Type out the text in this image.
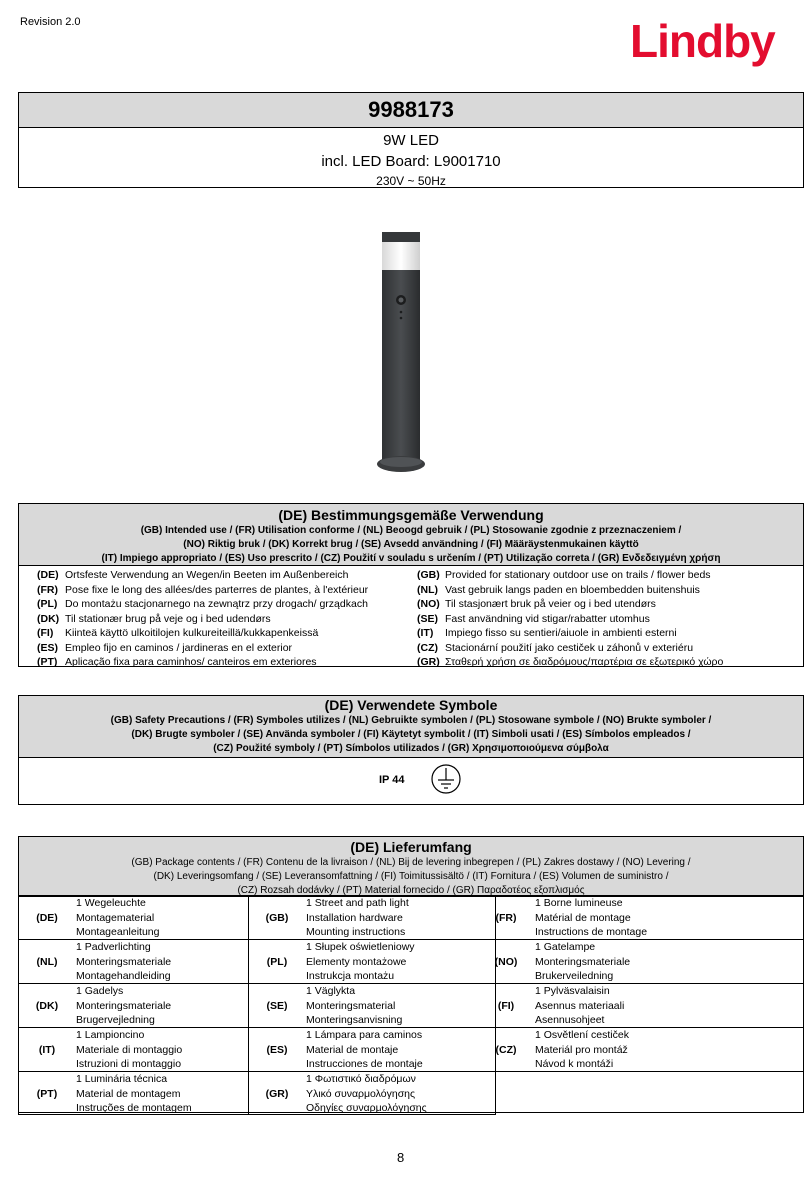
Revision 2.0	Lindby
9988173
9W LED
incl. LED Board: L9001710
230V ~ 50Hz
(DE) Bestimmungsgemäße Verwendung
(GB) Intended use / (FR) Utilisation conforme / (NL) Beoogd gebruik / (PL) Stosowanie zgodnie z przeznaczeniem /
(NO) Riktig bruk / (DK) Korrekt brug / (SE) Avsedd användning / (FI) Määräystenmukainen käyttö
(IT) Impiego appropriato / (ES) Uso prescrito / (CZ) Použití v souladu s určením / (PT) Utilização correta / (GR) Ενδεδειγμένη χρήση
(DE) Ortsfeste Verwendung an Wegen/in Beeten im Außenbereich
(FR) Pose fixe le long des allées/des parterres de plantes, à l'extérieur
(PL) Do montażu stacjonarnego na zewnątrz przy drogach/ grządkach
(DK) Til stationær brug på veje og i bed udendørs
(FI) Kiinteä käyttö ulkoitilojen kulkureiteillä/kukkapenkeissä
(ES) Empleo fijo en caminos / jardineras en el exterior
(PT) Aplicação fixa para caminhos/ canteiros em exteriores
(GB) Provided for stationary outdoor use on trails / flower beds
(NL) Vast gebruik langs paden en bloembedden buitenshuis
(NO) Til stasjonært bruk på veier og i bed utendørs
(SE) Fast användning vid stigar/rabatter utomhus
(IT) Impiego fisso su sentieri/aiuole in ambienti esterni
(CZ) Stacionární použití jako cestiček u záhonů v exteriéru
(GR) Σταθερή χρήση σε διαδρόμους/παρτέρια σε εξωτερικό χώρο
(DE) Verwendete Symbole
(GB) Safety Precautions / (FR) Symboles utilizes / (NL) Gebruikte symbolen / (PL) Stosowane symbole / (NO) Brukte symboler /
(DK) Brugte symboler / (SE) Använda symboler / (FI) Käytetyt symbolit / (IT) Simboli usati / (ES) Símbolos empleados /
(CZ) Použité symboly / (PT) Símbolos utilizados / (GR) Χρησιμοποιούμενα σύμβολα
IP 44
(DE) Lieferumfang
(GB) Package contents / (FR) Contenu de la livraison / (NL) Bij de levering inbegrepen / (PL) Zakres dostawy / (NO) Levering /
(DK) Leveringsomfang / (SE) Leveransomfattning / (FI) Toimitussisältö / (IT) Fornitura / (ES) Volumen de suministro /
(CZ) Rozsah dodávky / (PT) Material fornecido / (GR) Παραδοτέος εξοπλισμός
(DE)
1 Wegeleuchte
Montagematerial
Montageanleitung
(GB)
1 Street and path light
Installation hardware
Mounting instructions
(FR)
1 Borne lumineuse
Matérial de montage
Instructions de montage
(NL)
1 Padverlichting
Monteringsmateriale
Montagehandleiding
(PL)
1 Słupek oświetleniowy
Elementy montażowe
Instrukcja montażu
(NO)
1 Gatelampe
Monteringsmateriale
Brukerveiledning
(DK)
1 Gadelys
Monteringsmateriale
Brugervejledning
(SE)
1 Väglykta
Monteringsmaterial
Monteringsanvisning
(FI)
1 Pylväsvalaisin
Asennus materiaali
Asennusohjeet
(IT)
1 Lampioncino
Materiale di montaggio
Istruzioni di montaggio
(ES)
1 Lámpara para caminos
Material de montaje
Instrucciones de montaje
(CZ)
1 Osvětlení cestiček
Materiál pro montáž
Návod k montáži
(PT)
1 Luminária técnica
Material de montagem
Instruções de montagem
(GR)
1 Φωτιστικό διαδρόμων
Υλικό συναρμολόγησης
Οδηγίες συναρμολόγησης
8
